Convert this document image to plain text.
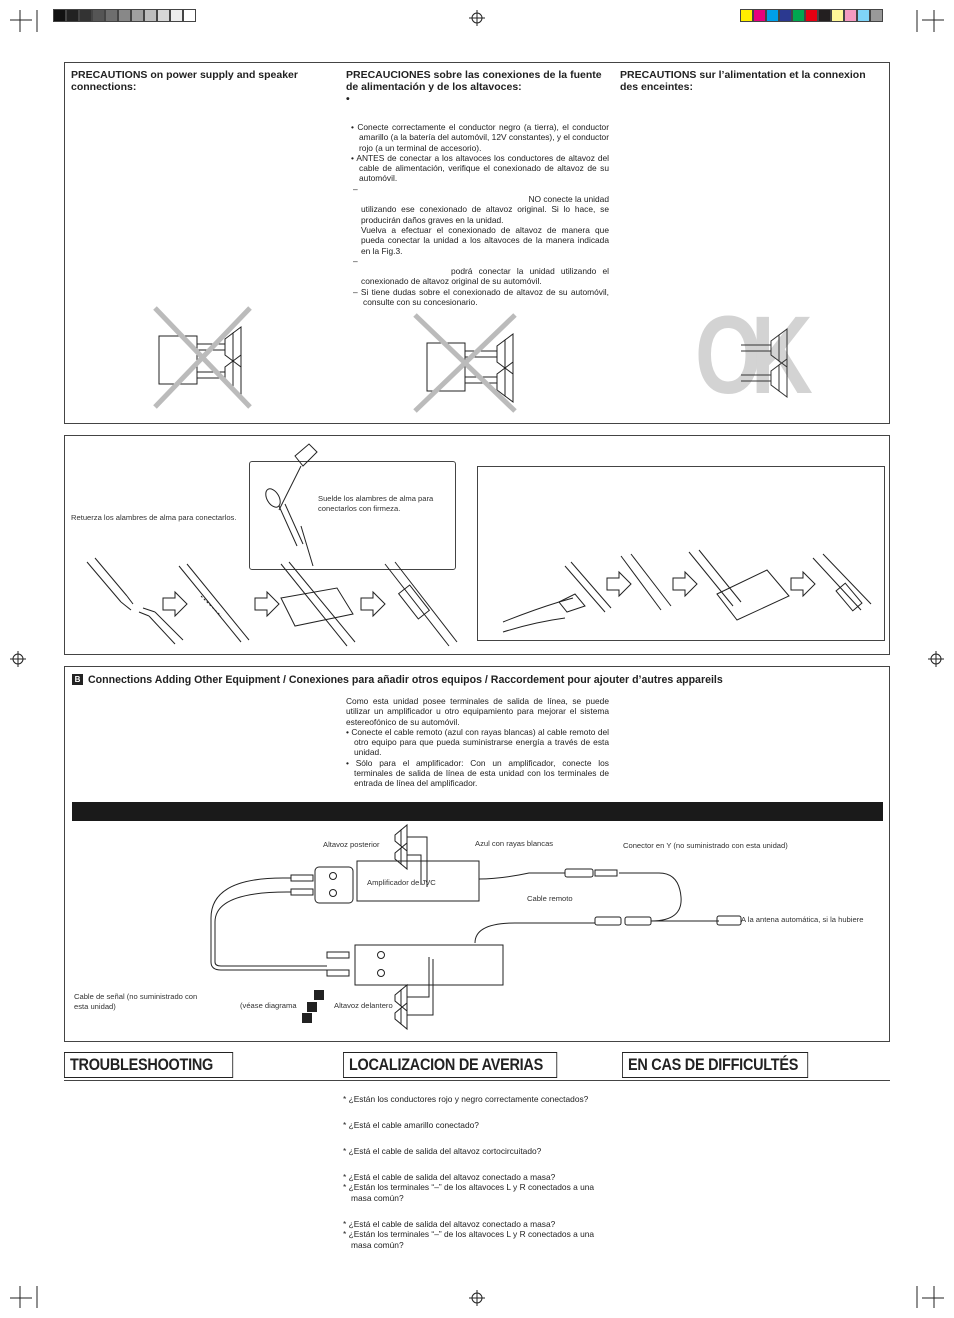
PRECAUTIONS on power supply and speaker connections:
PRECAUCIONES sobre las conexiones de la fuente de alimentación y de los altavoces:
•
PRECAUTIONS sur l’alimentation et la connexion des enceintes:
• Conecte correctamente el conductor negro (a tierra), el conductor amarillo (a la batería del automóvil, 12V constantes), y el conductor rojo (a un terminal de accesorio).
• ANTES de conectar a los altavoces los conductores de altavoz del cable de alimentación, verifique el conexionado de altavoz de su automóvil.
–
NO conecte la unidad
utilizando ese conexionado de altavoz original. Si lo hace, se producirán daños graves en la unidad.
Vuelva a efectuar el conexionado de altavoz de manera que pueda conectar la unidad a los altavoces de la manera indicada en la Fig.3.
–
podrá conectar la unidad utilizando el conexionado de altavoz original de su automóvil.
– Si tiene dudas sobre el conexionado de altavoz de su automóvil, consulte con su concesionario.	OK
Retuerza los alambres de alma para conectarlos.
Suelde los alambres de alma para conectarlos con firmeza.
B Connections Adding Other Equipment / Conexiones para añadir otros equipos / Raccordement pour ajouter d’autres appareils
Como esta unidad posee terminales de salida de línea, se puede utilizar un amplificador u otro equipamiento para mejorar el sistema estereofónico de su automóvil.
• Conecte el cable remoto (azul con rayas blancas) al cable remoto del otro equipo para que pueda suministrarse energía a través de esta unidad.
• Sólo para el amplificador: Con un amplificador, conecte los terminales de salida de línea de esta unidad con los terminales de entrada de línea del amplificador.
Altavoz posterior	Azul con rayas blancas	Conector en Y (no suministrado con esta unidad)
Amplificador de JVC
Cable remoto
A la antena automática, si la hubiere
Cable de señal (no suministrado con esta unidad)	(véase diagrama	Altavoz delantero
TROUBLESHOOTING	LOCALIZACION DE AVERIAS	EN CAS DE DIFFICULTÉS
* ¿Están los conductores rojo y negro correctamente conectados?
* ¿Está el cable amarillo conectado?
* ¿Está el cable de salida del altavoz cortocircuitado?
* ¿Está el cable de salida del altavoz conectado a masa?
* ¿Están los terminales “–” de los altavoces L y R conectados a una masa común?
* ¿Está el cable de salida del altavoz conectado a masa?
* ¿Están los terminales “–” de los altavoces L y R conectados a una masa común?
